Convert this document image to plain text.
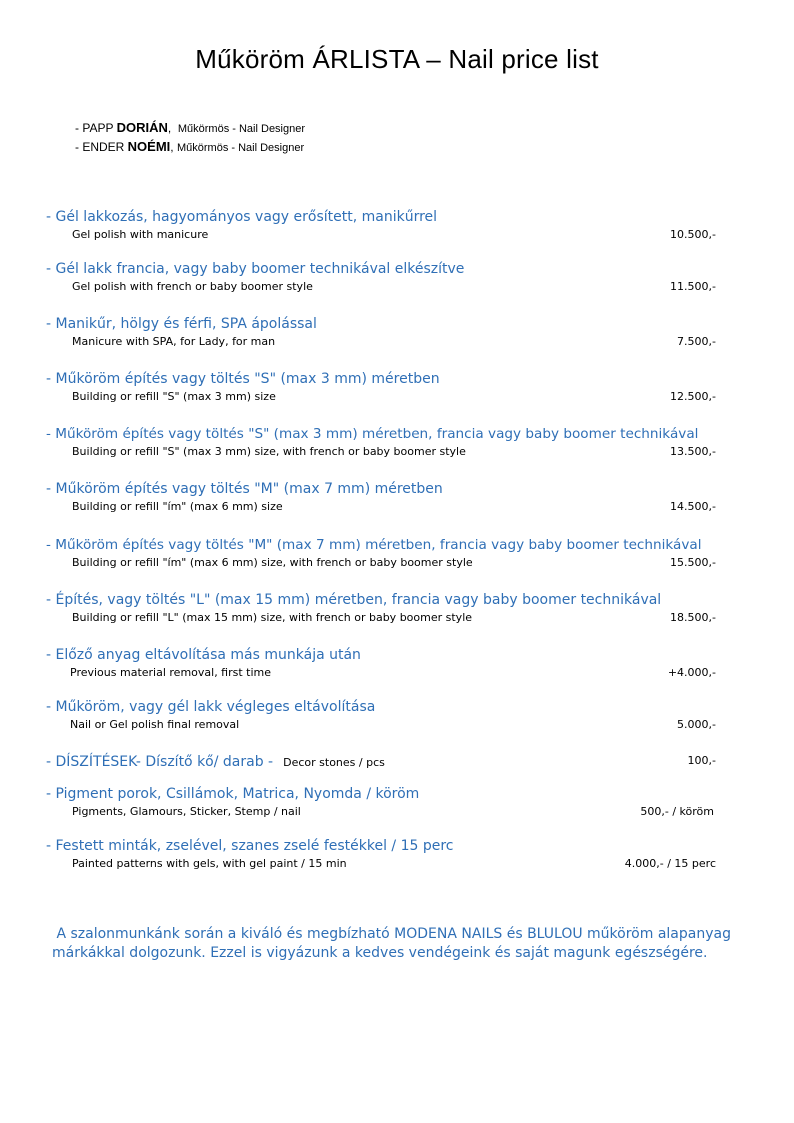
Műköröm ÁRLISTA – Nail price list
- PAPP DORIÁN, Műkörmös - Nail Designer
- ENDER NOÉMI, Műkörmös - Nail Designer
- Gél lakkozás, hagyományos vagy erősített, manikűrrel
Gel polish with manicure	10.500,-
- Gél lakk francia, vagy baby boomer technikával elkészítve
Gel polish with french or baby boomer style	11.500,-
- Manikűr, hölgy és férfi, SPA ápolással
Manicure with SPA, for Lady, for man	7.500,-
- Műköröm építés vagy töltés "S" (max 3 mm) méretben
Building or refill "S" (max 3 mm) size	12.500,-
- Műköröm építés vagy töltés "S" (max 3 mm) méretben, francia vagy baby boomer technikával
Building or refill "S" (max 3 mm) size, with french or baby boomer style	13.500,-
- Műköröm építés vagy töltés "M" (max 7 mm) méretben
Building or refill "ím" (max 6 mm) size	14.500,-
- Műköröm építés vagy töltés "M" (max 7 mm) méretben, francia vagy baby boomer technikával
Building or refill "ím" (max 6 mm) size, with french or baby boomer style	15.500,-
- Építés, vagy töltés "L" (max 15 mm) méretben, francia vagy baby boomer technikával
Building or refill "L" (max 15 mm) size, with french or baby boomer style	18.500,-
- Előző anyag eltávolítása más munkája után
Previous material removal, first time	+4.000,-
- Műköröm, vagy gél lakk végleges eltávolítása
Nail or Gel polish final removal	5.000,-
- DÍSZÍTÉSEK- Díszítő kő/ darab - Decor stones / pcs	100,-
- Pigment porok, Csillámok, Matrica, Nyomda / köröm
Pigments, Glamours, Sticker, Stemp / nail	500,- / köröm
- Festett minták, zselével, szanes zselé festékkel / 15 perc
Painted patterns with gels, with gel paint / 15 min	4.000,- / 15 perc
A szalonmunkánk során a kiváló és megbízható MODENA NAILS és BLULOU műköröm alapanyag
márkákkal dolgozunk. Ezzel is vigyázunk a kedves vendégeink és saját magunk egészségére.
